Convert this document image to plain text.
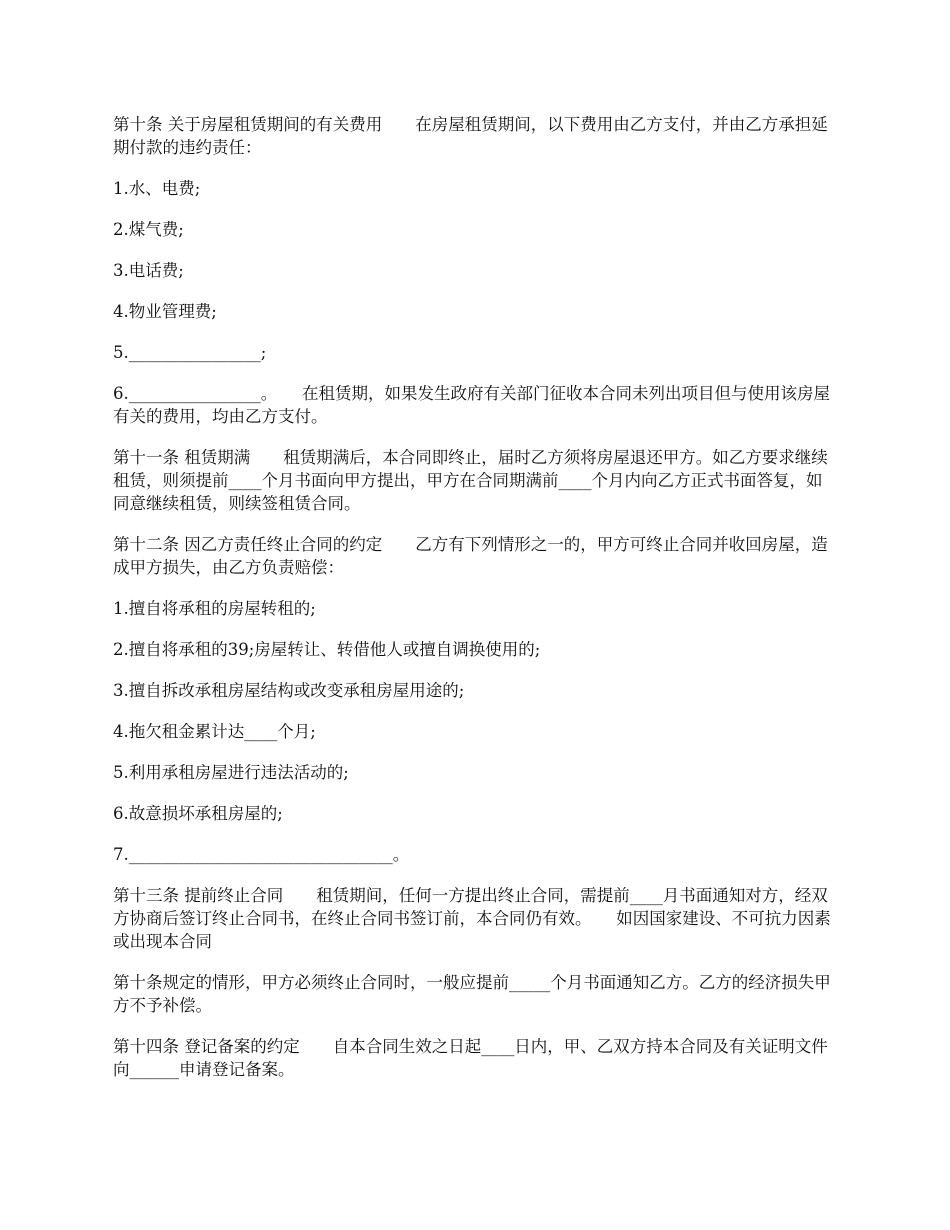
第十条 关于房屋租赁期间的有关费用　　在房屋租赁期间，以下费用由乙方支付，并由乙方承担延期付款的违约责任：

1.水、电费;

2.煤气费;

3.电话费;

4.物业管理费;

5.________________;

6.________________。　　在租赁期，如果发生政府有关部门征收本合同未列出项目但与使用该房屋有关的费用，均由乙方支付。

第十一条 租赁期满　　租赁期满后，本合同即终止，届时乙方须将房屋退还甲方。如乙方要求继续租赁，则须提前____个月书面向甲方提出，甲方在合同期满前____个月内向乙方正式书面答复，如同意继续租赁，则续签租赁合同。

第十二条 因乙方责任终止合同的约定　　乙方有下列情形之一的，甲方可终止合同并收回房屋，造成甲方损失，由乙方负责赔偿：

1.擅自将承租的房屋转租的;

2.擅自将承租的39;房屋转让、转借他人或擅自调换使用的;

3.擅自拆改承租房屋结构或改变承租房屋用途的;

4.拖欠租金累计达____个月;

5.利用承租房屋进行违法活动的;

6.故意损坏承租房屋的;

7.________________________________。

第十三条 提前终止合同　　租赁期间，任何一方提出终止合同，需提前____月书面通知对方，经双方协商后签订终止合同书，在终止合同书签订前，本合同仍有效。　　如因国家建设、不可抗力因素或出现本合同

第十条规定的情形，甲方必须终止合同时，一般应提前_____个月书面通知乙方。乙方的经济损失甲方不予补偿。

第十四条 登记备案的约定　　自本合同生效之日起____日内，甲、乙双方持本合同及有关证明文件向______申请登记备案。
